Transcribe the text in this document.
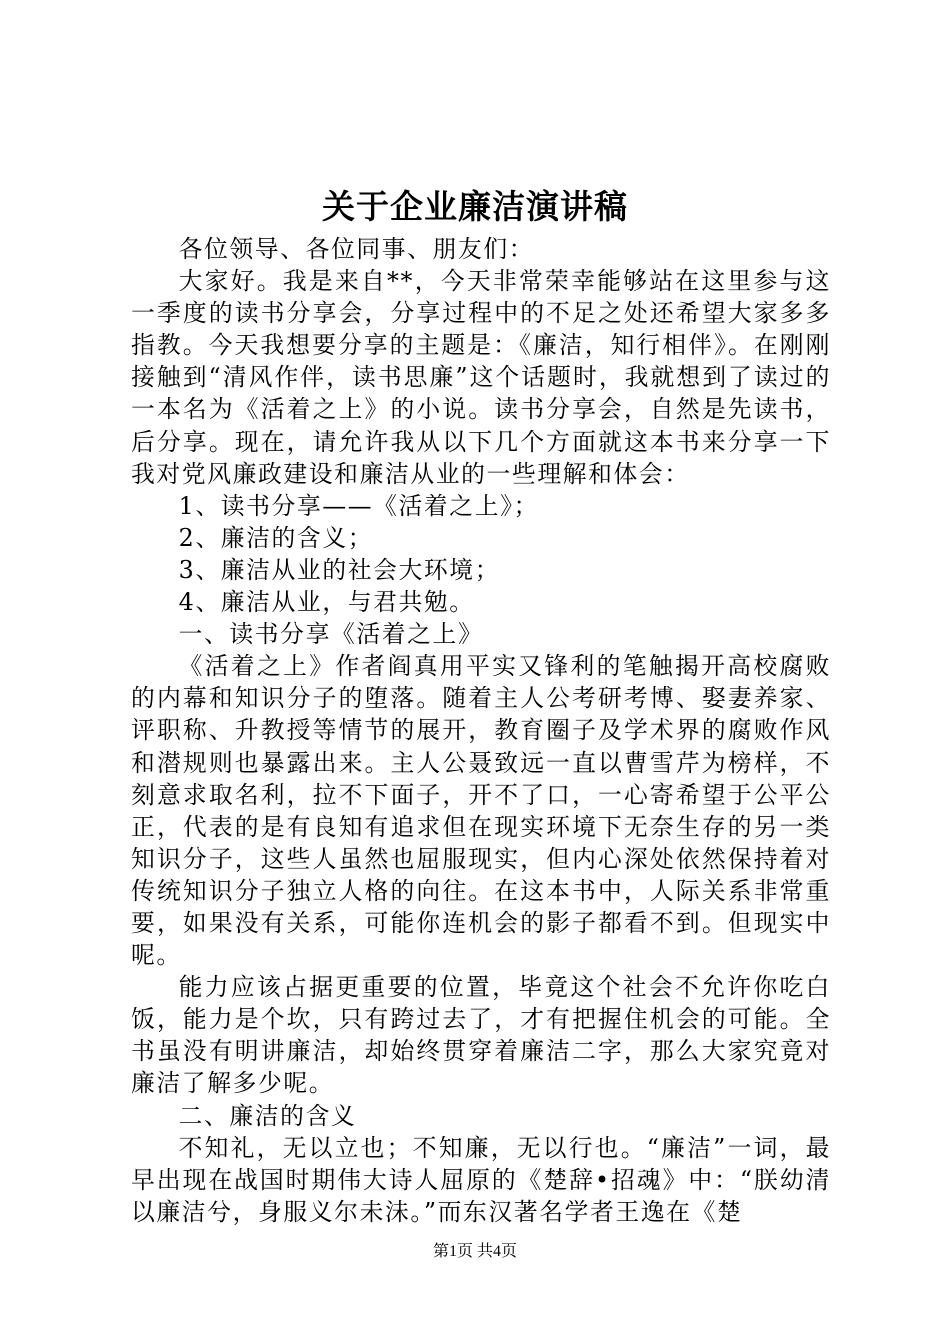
关于企业廉洁演讲稿

各位领导、各位同事、朋友们：

大家好。我是来自**，今天非常荣幸能够站在这里参与这一季度的读书分享会，分享过程中的不足之处还希望大家多多指教。今天我想要分享的主题是：《廉洁，知行相伴》。在刚刚接触到“清风作伴，读书思廉”这个话题时，我就想到了读过的一本名为《活着之上》的小说。读书分享会，自然是先读书，后分享。现在，请允许我从以下几个方面就这本书来分享一下我对党风廉政建设和廉洁从业的一些理解和体会：

1、读书分享——《活着之上》；

2、廉洁的含义；

3、廉洁从业的社会大环境；

4、廉洁从业，与君共勉。

一、读书分享《活着之上》

《活着之上》作者阎真用平实又锋利的笔触揭开高校腐败的内幕和知识分子的堕落。随着主人公考研考博、娶妻养家、评职称、升教授等情节的展开，教育圈子及学术界的腐败作风和潜规则也暴露出来。主人公聂致远一直以曹雪芹为榜样，不刻意求取名利，拉不下面子，开不了口，一心寄希望于公平公正，代表的是有良知有追求但在现实环境下无奈生存的另一类知识分子，这些人虽然也屈服现实，但内心深处依然保持着对传统知识分子独立人格的向往。在这本书中，人际关系非常重要，如果没有关系，可能你连机会的影子都看不到。但现实中呢。

能力应该占据更重要的位置，毕竟这个社会不允许你吃白饭，能力是个坎，只有跨过去了，才有把握住机会的可能。全书虽没有明讲廉洁，却始终贯穿着廉洁二字，那么大家究竟对廉洁了解多少呢。

二、廉洁的含义

不知礼，无以立也；不知廉，无以行也。“廉洁”一词，最早出现在战国时期伟大诗人屈原的《楚辞•招魂》中：“朕幼清以廉洁兮，身服义尔未沬。”而东汉著名学者王逸在《楚

第1页 共4页
